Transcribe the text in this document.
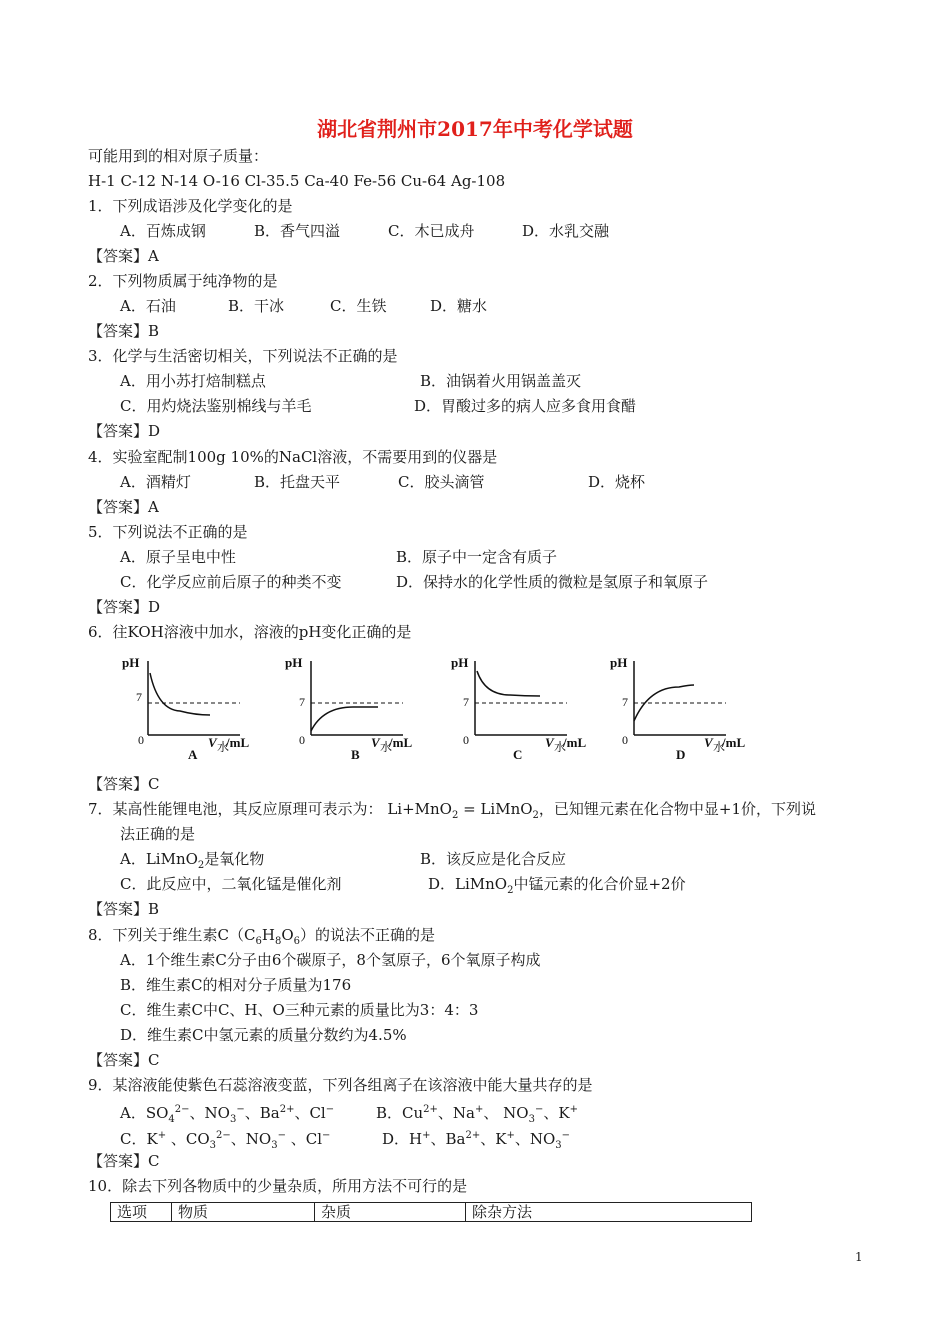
湖北省荆州市2017年中考化学试题
可能用到的相对原子质量：
H-1 C-12 N-14 O-16 Cl-35.5 Ca-40 Fe-56 Cu-64 Ag-108
1．下列成语涉及化学变化的是
A．百炼成钢	B．香气四溢	C．木已成舟	D．水乳交融
【答案】A
2．下列物质属于纯净物的是
A．石油	B．干冰	C．生铁	D．糖水
【答案】B
3．化学与生活密切相关，下列说法不正确的是
A．用小苏打焙制糕点	B．油锅着火用锅盖盖灭
C．用灼烧法鉴别棉线与羊毛	D．胃酸过多的病人应多食用食醋
【答案】D
4．实验室配制100g 10%的NaCl溶液，不需要用到的仪器是
A．酒精灯	B．托盘天平	C．胶头滴管	D．烧杯
【答案】A
5．下列说法不正确的是
A．原子呈电中性	B．原子中一定含有质子
C．化学反应前后原子的种类不变	D．保持水的化学性质的微粒是氢原子和氧原子
【答案】D
6．往KOH溶液中加水，溶液的pH变化正确的是
pH
7
0	V 水
/mL
A
pH
7
0	V 水
/mL
B
pH
7
0	V 水
/mL
C
pH
7
0	V 水
/mL
D
【答案】C
7．某高性能锂电池，其反应原理可表示为： Li+MnO$_2$ = LiMnO$_2$，已知锂元素在化合物中显+1价，下列说
法正确的是
A．LiMnO$_2$是氧化物	B．该反应是化合反应
C．此反应中，二氧化锰是催化剂	D．LiMnO$_2$中锰元素的化合价显+2价
【答案】B
8．下列关于维生素$C(C_6H_8O_6)$的说法不正确的是
A．1个维生素C分子由6个碳原子，8个氢原子，6个氧原子构成
B．维生素C的相对分子质量为176
C．维生素C中C、H、O三种元素的质量比为3：4：3
D．维生素C中氢元素的质量分数约为4.5%
【答案】C
9．某溶液能使紫色石蕊溶液变蓝，下列各组离子在该溶液中能大量共存的是
A．$SO_4^{2-}$、$NO_3^-$、$Ba^{2+}$、Cl−	B．$Cu^{2+}$、Na+、 $NO_3^-$、K+
C．K+ 、$CO_3^{2-}$、$NO_3^-$ 、Cl−	D．H+、$Ba^{2+}$、K+、$NO_3^-$
【答案】C
10．除去下列各物质中的少量杂质，所用方法不可行的是
选项	物质	杂质	除杂方法
1
